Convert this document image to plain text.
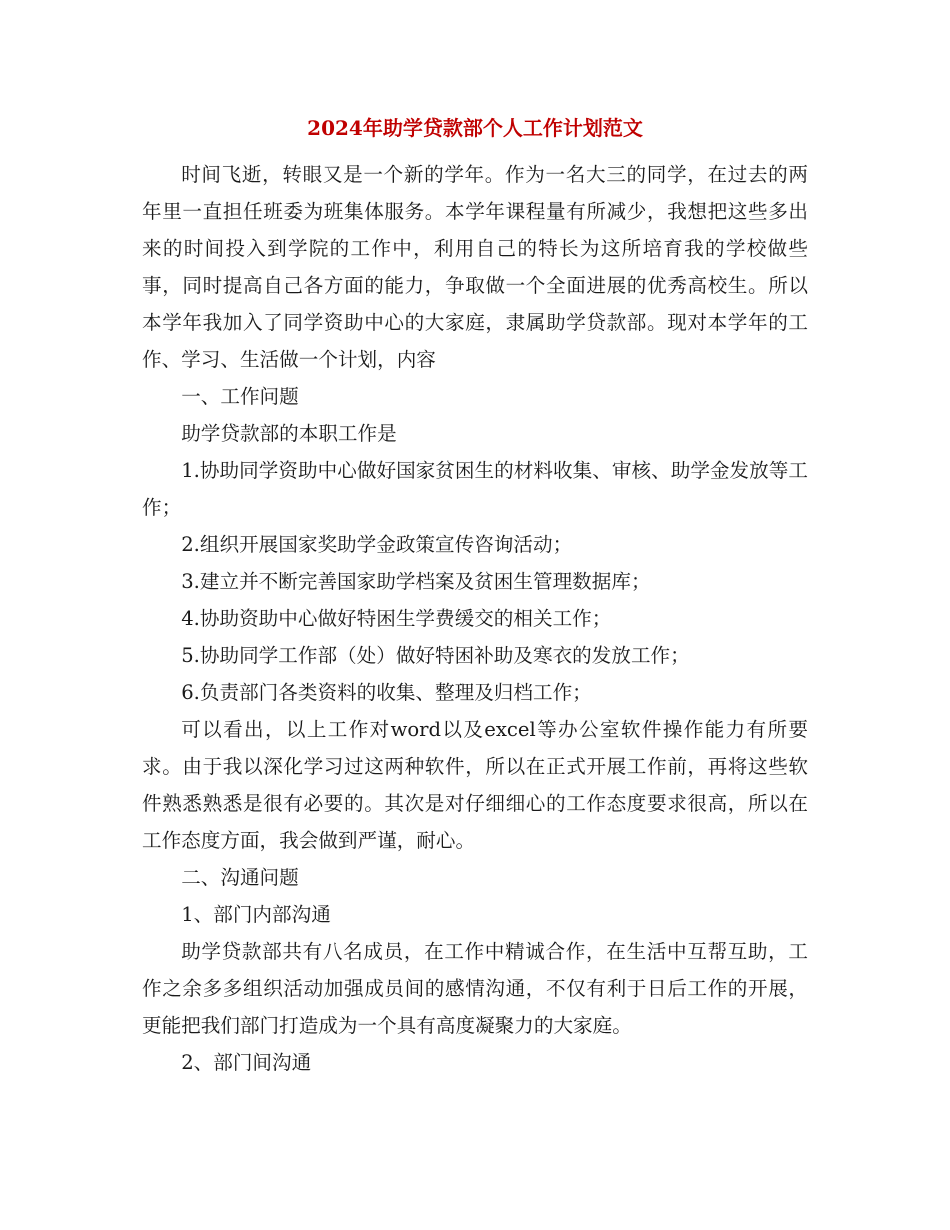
2024年助学贷款部个人工作计划范文

时间飞逝，转眼又是一个新的学年。作为一名大三的同学，在过去的两年里一直担任班委为班集体服务。本学年课程量有所减少，我想把这些多出来的时间投入到学院的工作中，利用自己的特长为这所培育我的学校做些事，同时提高自己各方面的能力，争取做一个全面进展的优秀高校生。所以本学年我加入了同学资助中心的大家庭，隶属助学贷款部。现对本学年的工作、学习、生活做一个计划，内容

一、工作问题

助学贷款部的本职工作是

1.协助同学资助中心做好国家贫困生的材料收集、审核、助学金发放等工作；

2.组织开展国家奖助学金政策宣传咨询活动；

3.建立并不断完善国家助学档案及贫困生管理数据库；

4.协助资助中心做好特困生学费缓交的相关工作；

5.协助同学工作部（处）做好特困补助及寒衣的发放工作；

6.负责部门各类资料的收集、整理及归档工作；

可以看出，以上工作对word以及excel等办公室软件操作能力有所要求。由于我以深化学习过这两种软件，所以在正式开展工作前，再将这些软件熟悉熟悉是很有必要的。其次是对仔细细心的工作态度要求很高，所以在工作态度方面，我会做到严谨，耐心。

二、沟通问题

1、部门内部沟通

助学贷款部共有八名成员，在工作中精诚合作，在生活中互帮互助，工作之余多多组织活动加强成员间的感情沟通，不仅有利于日后工作的开展，更能把我们部门打造成为一个具有高度凝聚力的大家庭。

2、部门间沟通
